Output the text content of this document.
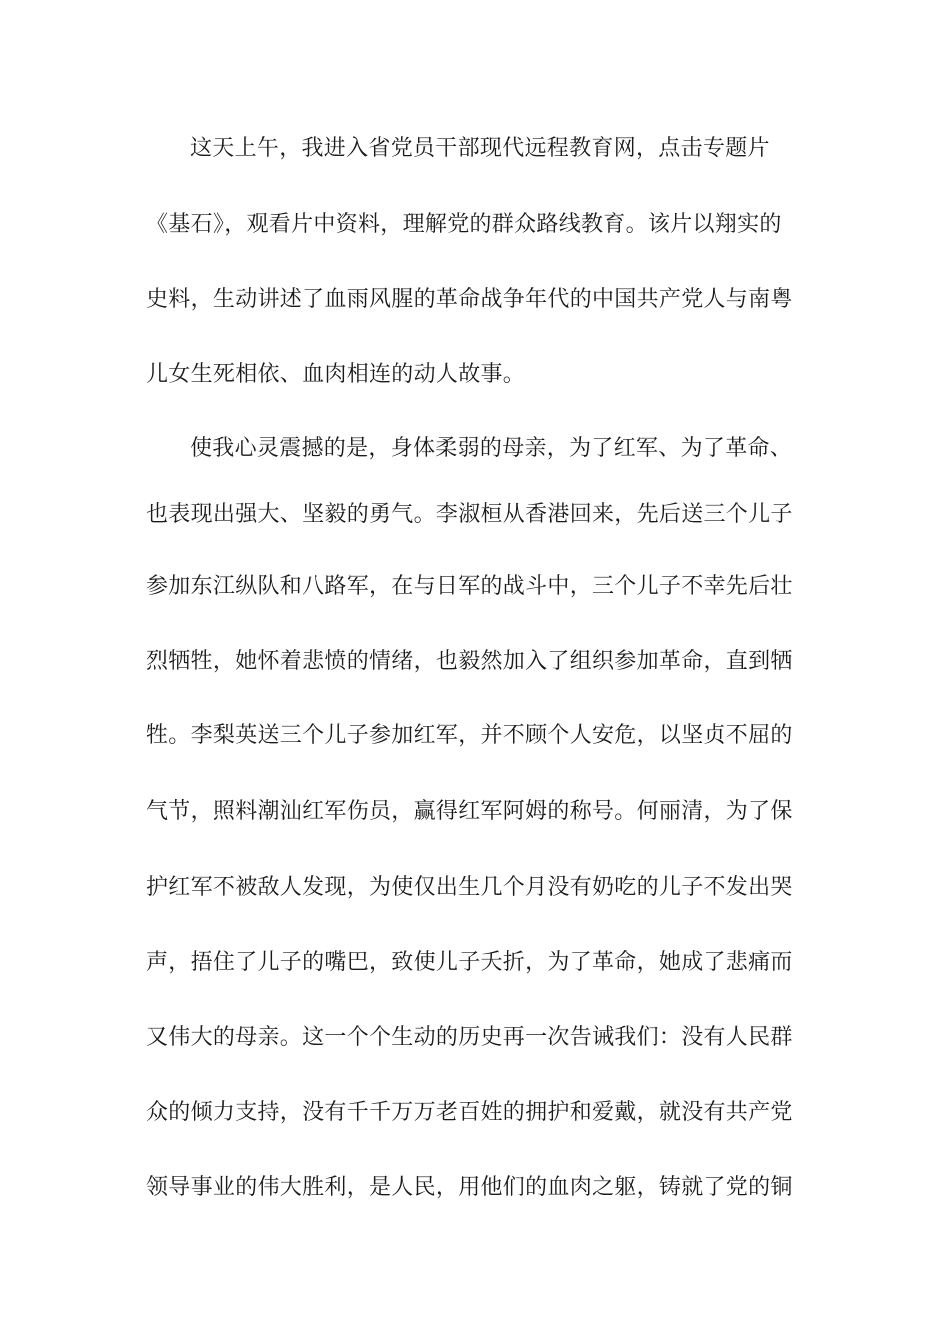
这天上午，我进入省党员干部现代远程教育网，点击专题片
《基石》，观看片中资料，理解党的群众路线教育。该片以翔实的
史料，生动讲述了血雨风腥的革命战争年代的中国共产党人与南粤
儿女生死相依、血肉相连的动人故事。
使我心灵震撼的是，身体柔弱的母亲，为了红军、为了革命、
也表现出强大、坚毅的勇气。李淑桓从香港回来，先后送三个儿子
参加东江纵队和八路军，在与日军的战斗中，三个儿子不幸先后壮
烈牺牲，她怀着悲愤的情绪，也毅然加入了组织参加革命，直到牺
牲。李梨英送三个儿子参加红军，并不顾个人安危，以坚贞不屈的
气节，照料潮汕红军伤员，赢得红军阿姆的称号。何丽清，为了保
护红军不被敌人发现，为使仅出生几个月没有奶吃的儿子不发出哭
声，捂住了儿子的嘴巴，致使儿子夭折，为了革命，她成了悲痛而
又伟大的母亲。这一个个生动的历史再一次告诫我们：没有人民群
众的倾力支持，没有千千万万老百姓的拥护和爱戴，就没有共产党
领导事业的伟大胜利，是人民，用他们的血肉之躯，铸就了党的铜
